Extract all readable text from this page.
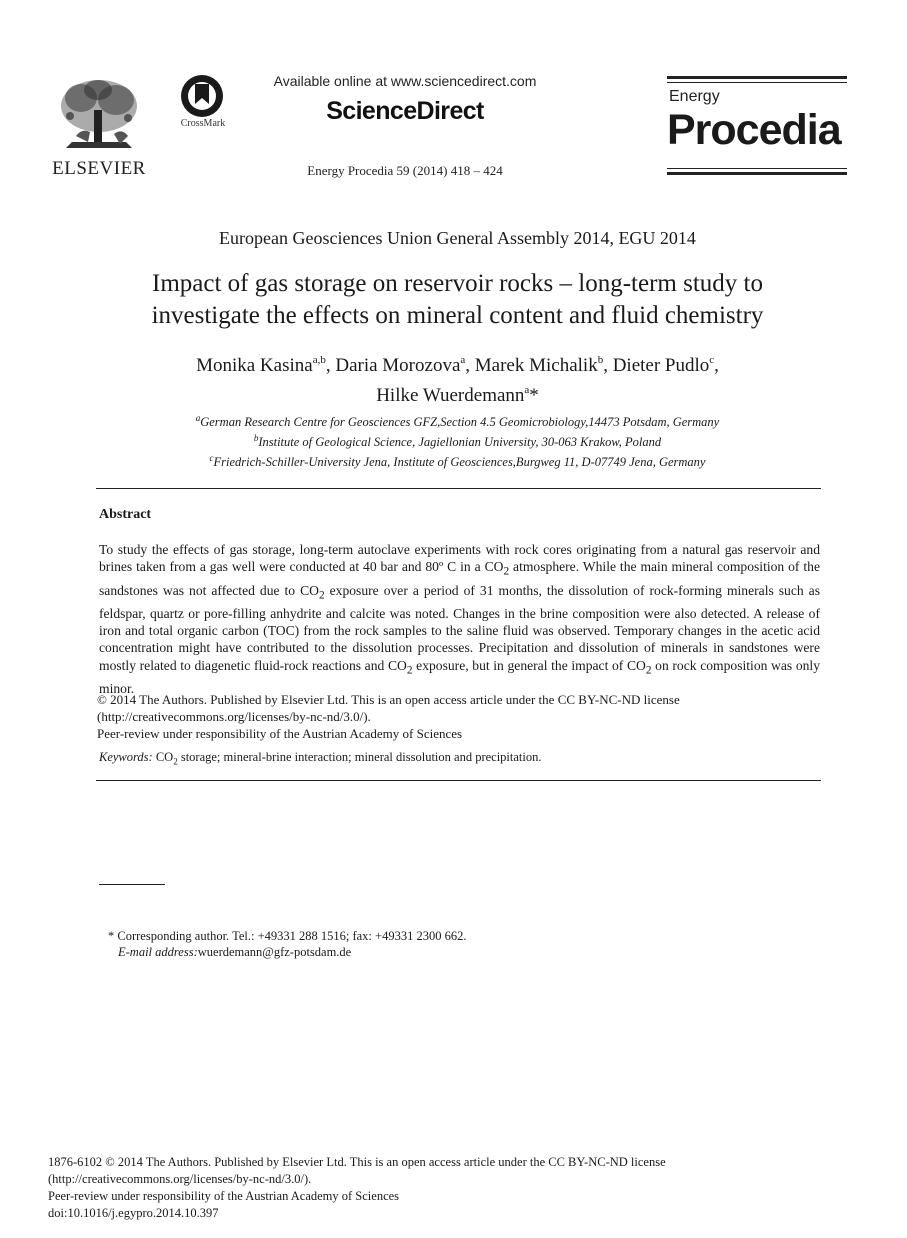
ELSEVIER
CrossMark
Available online at www.sciencedirect.com
ScienceDirect
Energy Procedia 59 (2014) 418 – 424
Energy
Procedia
European Geosciences Union General Assembly 2014, EGU 2014
Impact of gas storage on reservoir rocks – long-term study to
investigate the effects on mineral content and fluid chemistry
Monika Kasina$^{a,b}$, Daria Morozova$^a$, Marek Michalik$^b$, Dieter Pudlo$^c$,
Hilke Wuerdemann$^a$*
$^a$German Research Centre for Geosciences GFZ,Section 4.5 Geomicrobiology,14473 Potsdam, Germany
$^b$Institute of Geological Science, Jagiellonian University, 30-063 Krakow, Poland
$^c$Friedrich-Schiller-University Jena, Institute of Geosciences,Burgweg 11, D-07749 Jena, Germany
Abstract
To study the effects of gas storage, long-term autoclave experiments with rock cores originating from a natural gas reservoir and brines taken from a gas well were conducted at 40 bar and 80º C in a $CO_2$ atmosphere. While the main mineral composition of the sandstones was not affected due to $CO_2$ exposure over a period of 31 months, the dissolution of rock-forming minerals such as feldspar, quartz or pore-filling anhydrite and calcite was noted. Changes in the brine composition were also detected. A release of iron and total organic carbon (TOC) from the rock samples to the saline fluid was observed. Temporary changes in the acetic acid concentration might have contributed to the dissolution processes. Precipitation and dissolution of minerals in sandstones were mostly related to diagenetic fluid-rock reactions and $CO_2$ exposure, but in general the impact of $CO_2$ on rock composition was only minor.
© 2014 The Authors. Published by Elsevier Ltd. This is an open access article under the CC BY-NC-ND license
(http://creativecommons.org/licenses/by-nc-nd/3.0/).
Peer-review under responsibility of the Austrian Academy of Sciences
Keywords: $CO_2$ storage; mineral-brine interaction; mineral dissolution and precipitation.
* Corresponding author. Tel.: +49331 288 1516; fax: +49331 2300 662.
E-mail address:wuerdemann@gfz-potsdam.de
1876-6102 © 2014 The Authors. Published by Elsevier Ltd. This is an open access article under the CC BY-NC-ND license
(http://creativecommons.org/licenses/by-nc-nd/3.0/).
Peer-review under responsibility of the Austrian Academy of Sciences
doi:10.1016/j.egypro.2014.10.397
